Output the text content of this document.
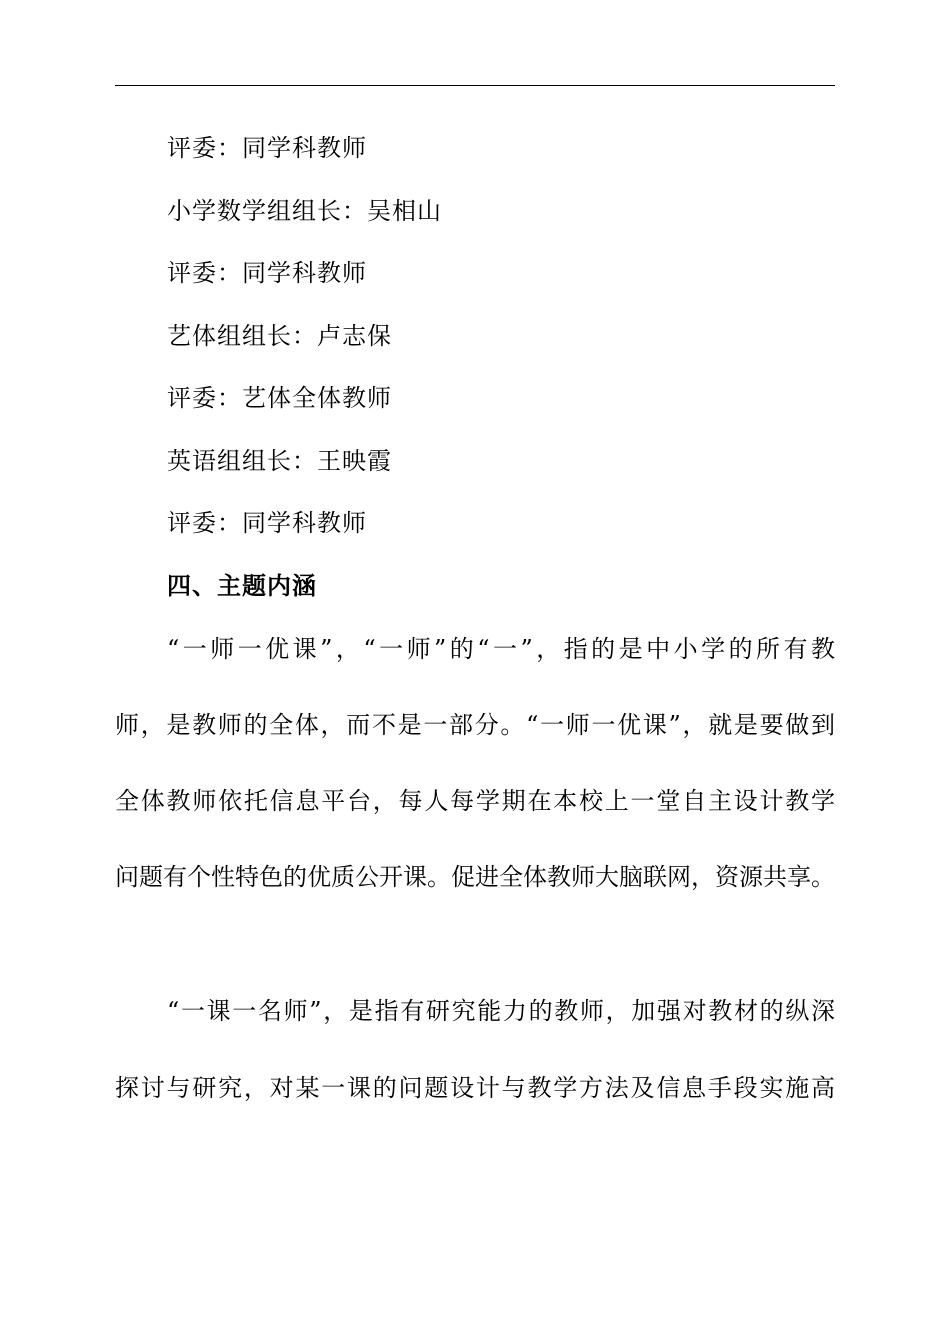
评委：同学科教师
小学数学组组长：吴相山
评委：同学科教师
艺体组组长：卢志保
评委：艺体全体教师
英语组组长：王映霞
评委：同学科教师
四、主题内涵
“一师一优课”，“一师”的“一”，指的是中小学的所有教
师，是教师的全体，而不是一部分。“一师一优课”，就是要做到
全体教师依托信息平台，每人每学期在本校上一堂自主设计教学
问题有个性特色的优质公开课。促进全体教师大脑联网，资源共享。
“一课一名师”，是指有研究能力的教师，加强对教材的纵深
探讨与研究，对某一课的问题设计与教学方法及信息手段实施高
